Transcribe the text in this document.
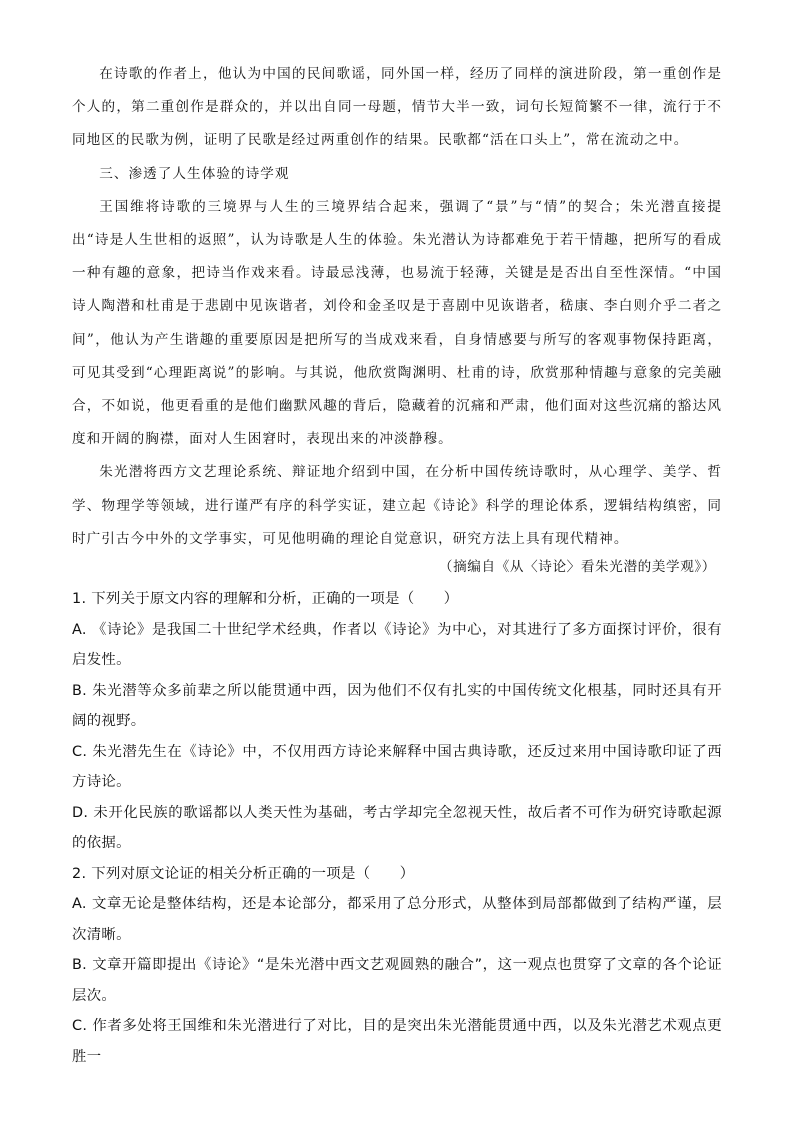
在诗歌的作者上，他认为中国的民间歌谣，同外国一样，经历了同样的演进阶段，第一重创作是个人的，第二重创作是群众的，并以出自同一母题，情节大半一致，词句长短简繁不一律，流行于不同地区的民歌为例，证明了民歌是经过两重创作的结果。民歌都“活在口头上”，常在流动之中。

三、渗透了人生体验的诗学观

王国维将诗歌的三境界与人生的三境界结合起来，强调了“景”与“情”的契合；朱光潜直接提出“诗是人生世相的返照”，认为诗歌是人生的体验。朱光潜认为诗都难免于若干情趣，把所写的看成一种有趣的意象，把诗当作戏来看。诗最忌浅薄，也易流于轻薄，关键是是否出自至性深情。“中国诗人陶潜和杜甫是于悲剧中见诙谐者，刘伶和金圣叹是于喜剧中见诙谐者，嵇康、李白则介乎二者之间”，他认为产生谐趣的重要原因是把所写的当成戏来看，自身情感要与所写的客观事物保持距离，可见其受到“心理距离说”的影响。与其说，他欣赏陶渊明、杜甫的诗，欣赏那种情趣与意象的完美融合，不如说，他更看重的是他们幽默风趣的背后，隐藏着的沉痛和严肃，他们面对这些沉痛的豁达风度和开阔的胸襟，面对人生困窘时，表现出来的冲淡静穆。

朱光潜将西方文艺理论系统、辩证地介绍到中国，在分析中国传统诗歌时，从心理学、美学、哲学、物理学等领域，进行谨严有序的科学实证，建立起《诗论》科学的理论体系，逻辑结构缜密，同时广引古今中外的文学事实，可见他明确的理论自觉意识，研究方法上具有现代精神。

（摘编自《从〈诗论〉看朱光潜的美学观》）

1. 下列关于原文内容的理解和分析，正确的一项是（　　）

A. 《诗论》是我国二十世纪学术经典，作者以《诗论》为中心，对其进行了多方面探讨评价，很有启发性。

B. 朱光潜等众多前辈之所以能贯通中西，因为他们不仅有扎实的中国传统文化根基，同时还具有开阔的视野。

C. 朱光潜先生在《诗论》中，不仅用西方诗论来解释中国古典诗歌，还反过来用中国诗歌印证了西方诗论。

D. 未开化民族的歌谣都以人类天性为基础，考古学却完全忽视天性，故后者不可作为研究诗歌起源的依据。

2. 下列对原文论证的相关分析正确的一项是（　　）

A. 文章无论是整体结构，还是本论部分，都采用了总分形式，从整体到局部都做到了结构严谨，层次清晰。

B. 文章开篇即提出《诗论》“是朱光潜中西文艺观圆熟的融合”，这一观点也贯穿了文章的各个论证层次。

C. 作者多处将王国维和朱光潜进行了对比，目的是突出朱光潜能贯通中西，以及朱光潜艺术观点更胜一
